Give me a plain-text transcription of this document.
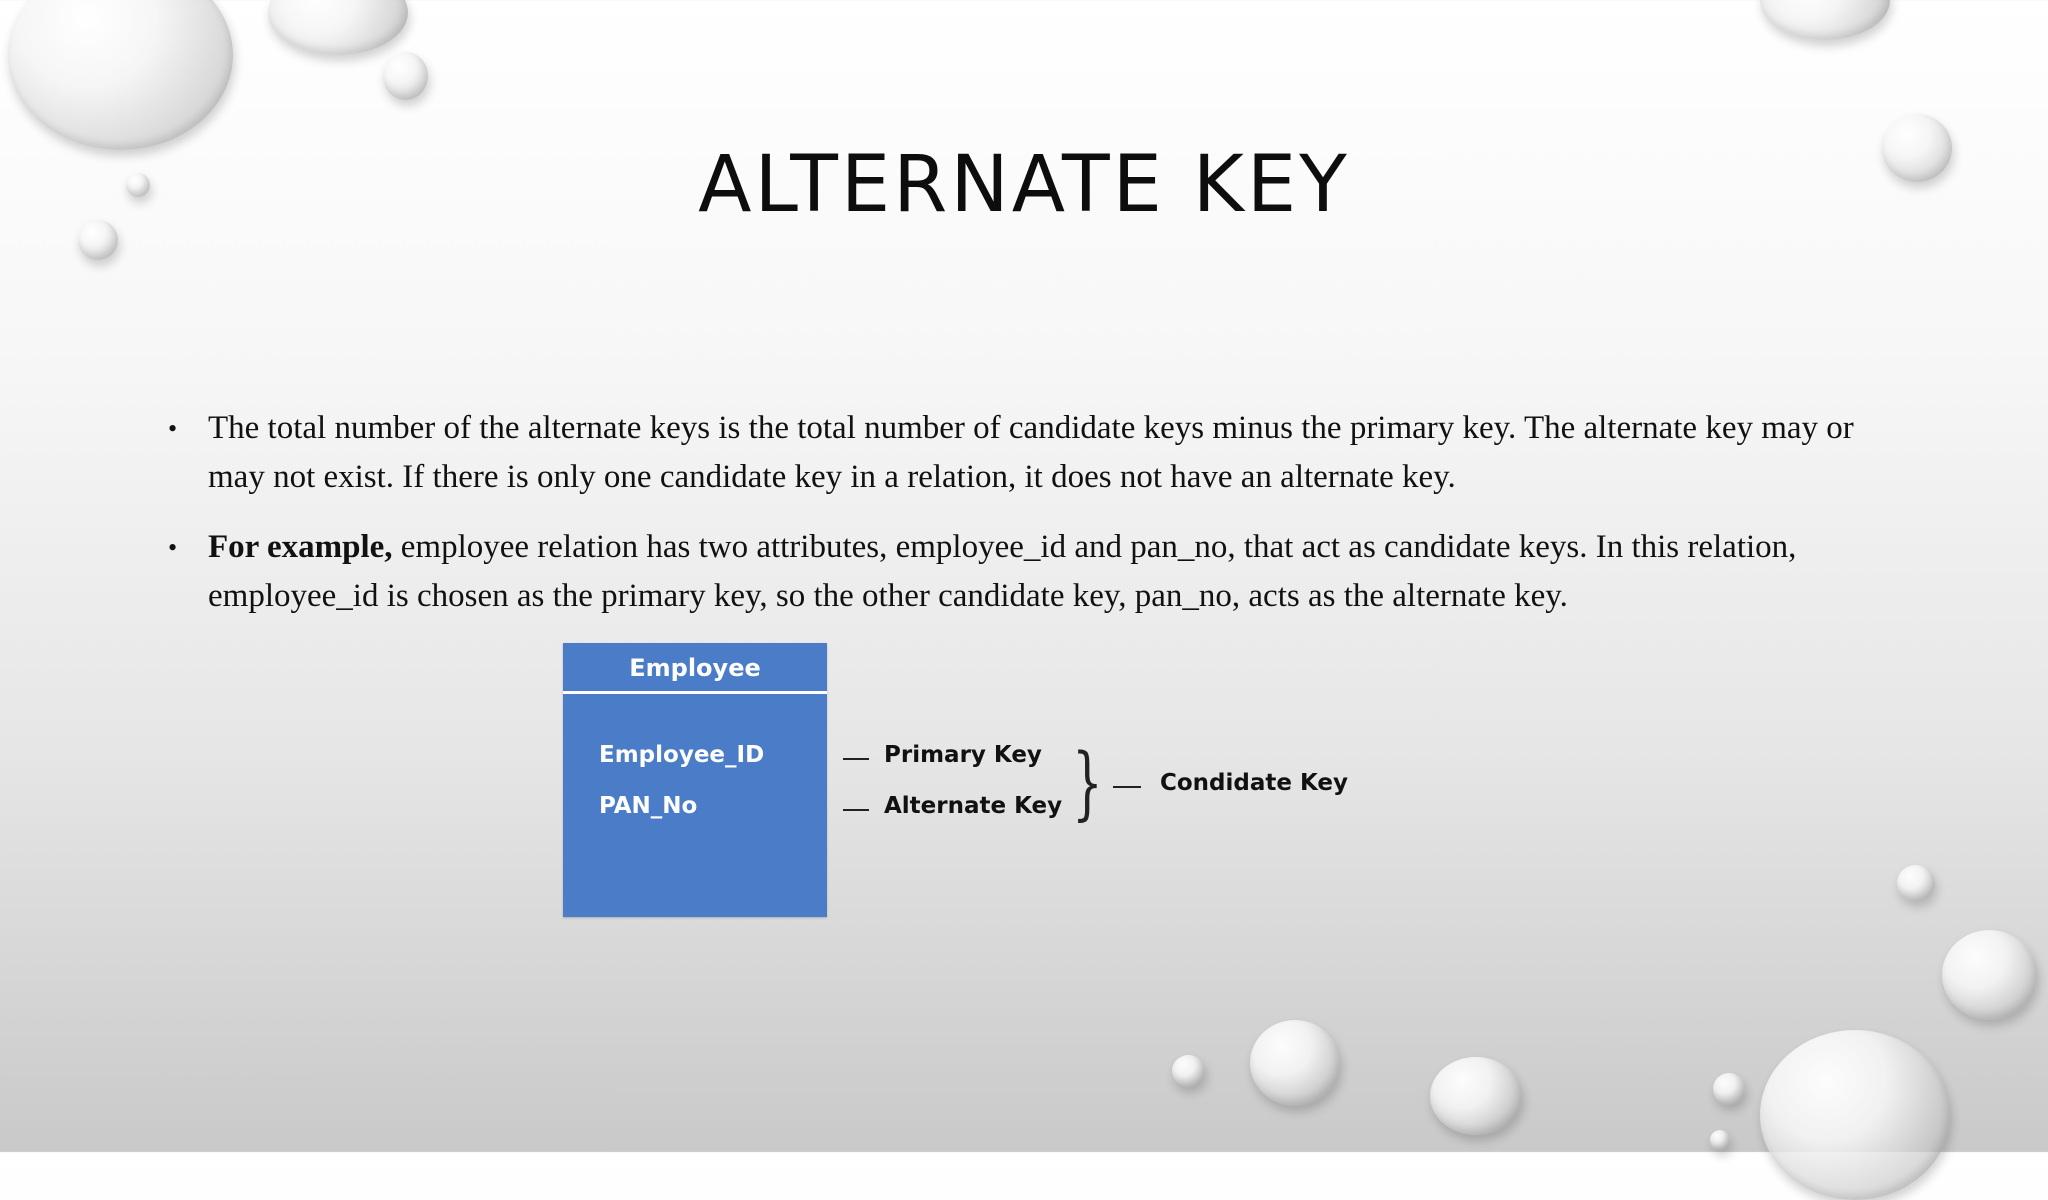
ALTERNATE KEY
• The total number of the alternate keys is the total number of candidate keys minus the primary key. The alternate key may or may not exist. If there is only one candidate key in a relation, it does not have an alternate key.
• For example, employee relation has two attributes, employee_id and pan_no, that act as candidate keys. In this relation, employee_id is chosen as the primary key, so the other candidate key, pan_no, acts as the alternate key.
Employee
Employee_ID
PAN_No
Primary Key
Alternate Key } Condidate Key
